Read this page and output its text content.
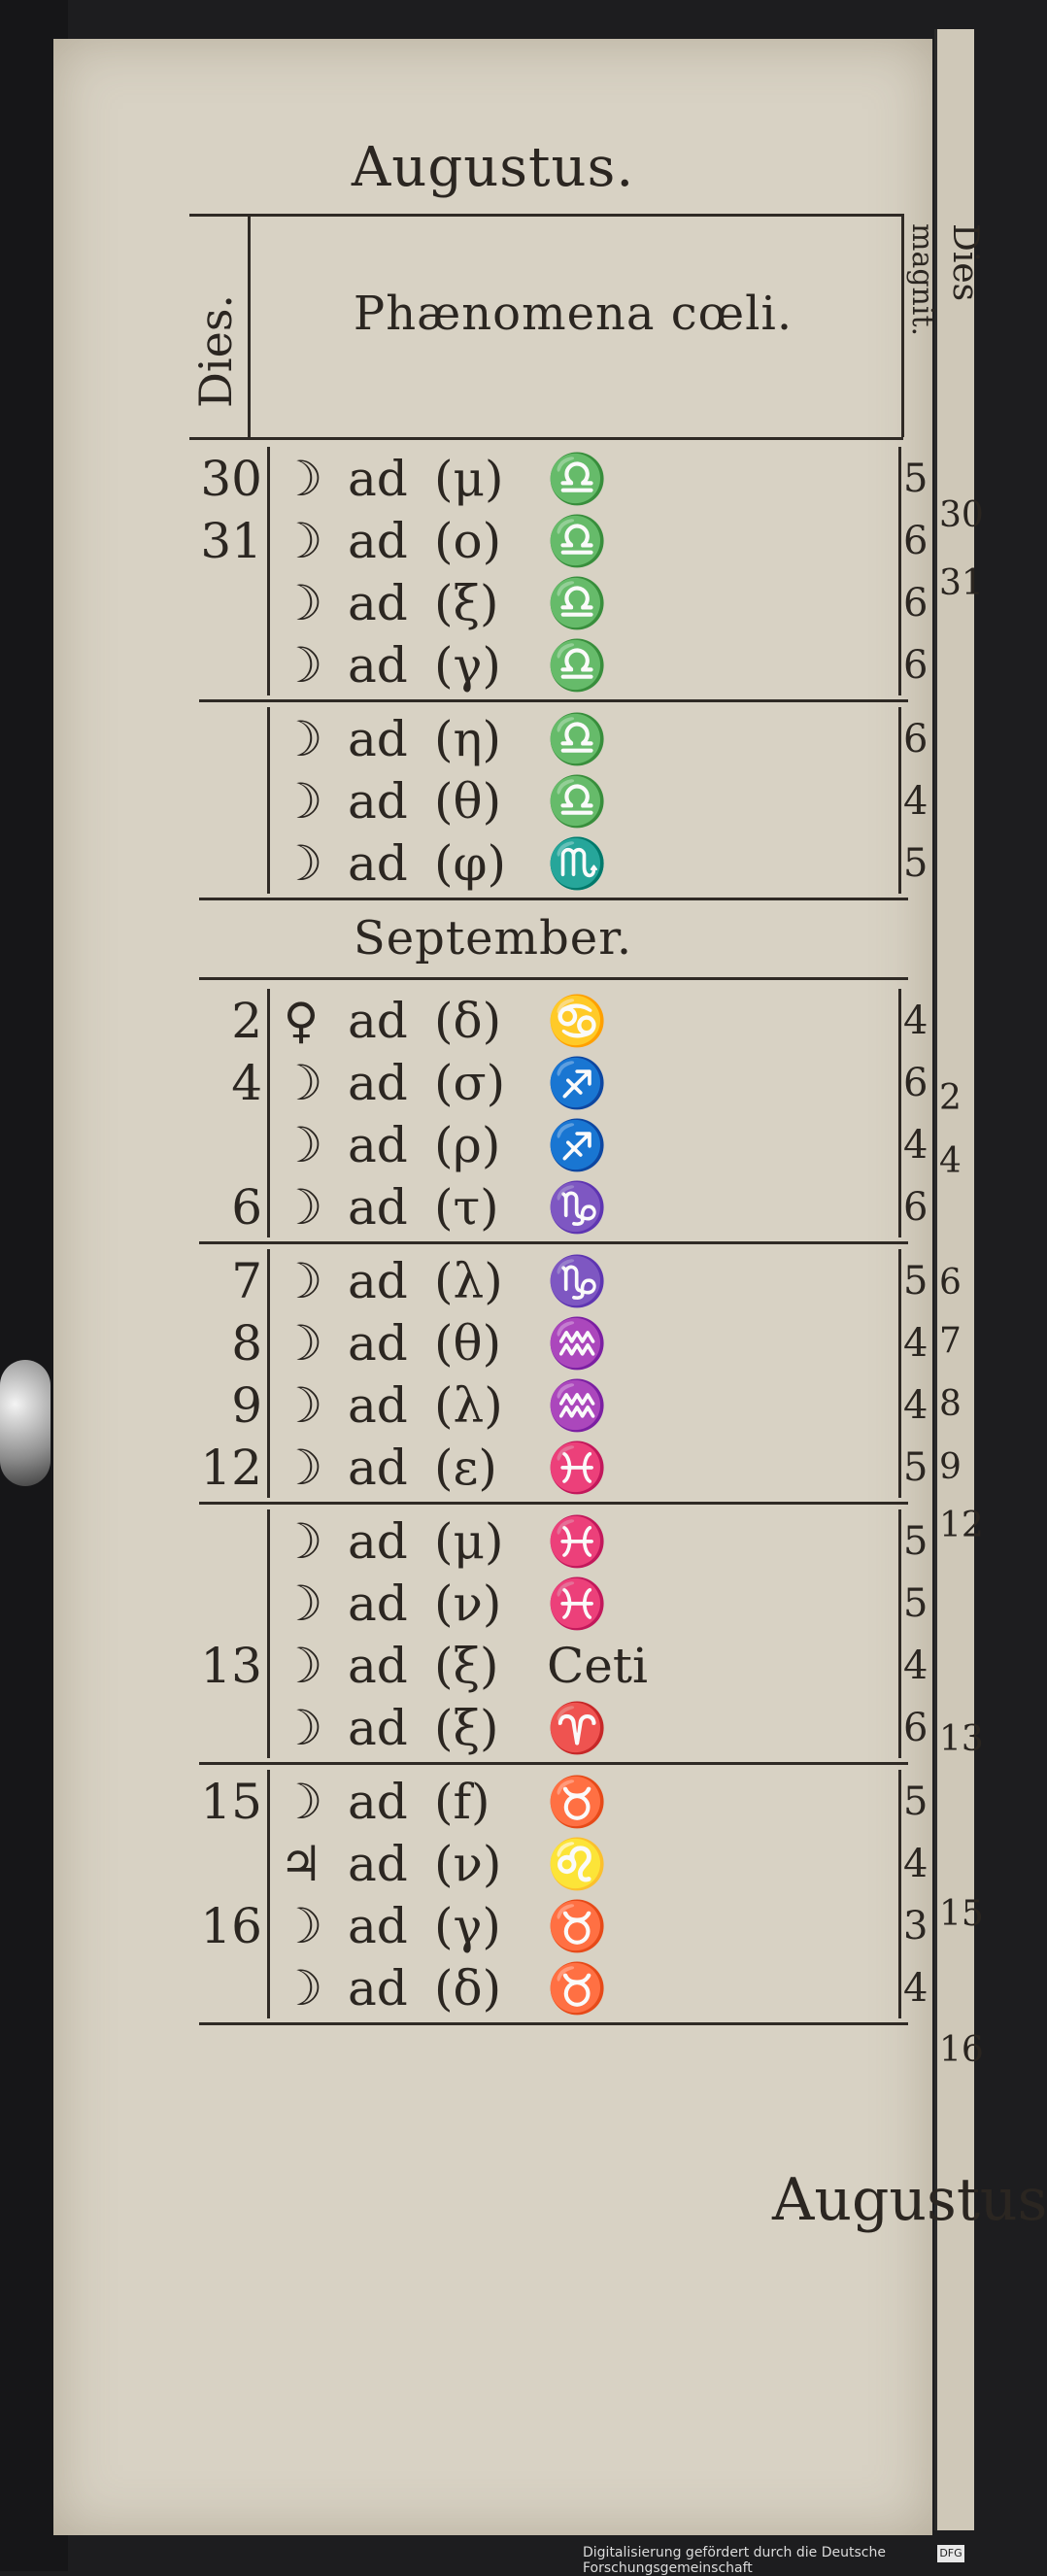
Dies
30
31
2
4
6
7
8
9
12
13
15
16
Augustus.
Dies.	Phænomena cœli.	magnit.
30 ☽ ad (μ) ♎	5
31 ☽ ad (o) ♎	6
☽ ad (ξ) ♎	6
☽ ad (γ) ♎	6
☽ ad (η) ♎	6
☽ ad (θ) ♎	4
☽ ad (φ) ♏	5
September.
2 ♀ ad (δ) ♋	4
4 ☽ ad (σ) ♐	6
☽ ad (ρ) ♐	4
6 ☽ ad (τ) ♑	6
7 ☽ ad (λ) ♑	5
8 ☽ ad (θ) ♒	4
9 ☽ ad (λ) ♒	4
12 ☽ ad (ε) ♓	5
☽ ad (μ) ♓	5
☽ ad (ν) ♓	5
13 ☽ ad (ξ) Ceti	4
☽ ad (ξ) ♈	6
15 ☽ ad (f) ♉	5
♃ ad (ν) ♌	4
16 ☽ ad (γ) ♉	3
☽ ad (δ) ♉	4
Augustus
Digitalisierung gefördert durch die Deutsche Forschungsgemeinschaft
DFG
